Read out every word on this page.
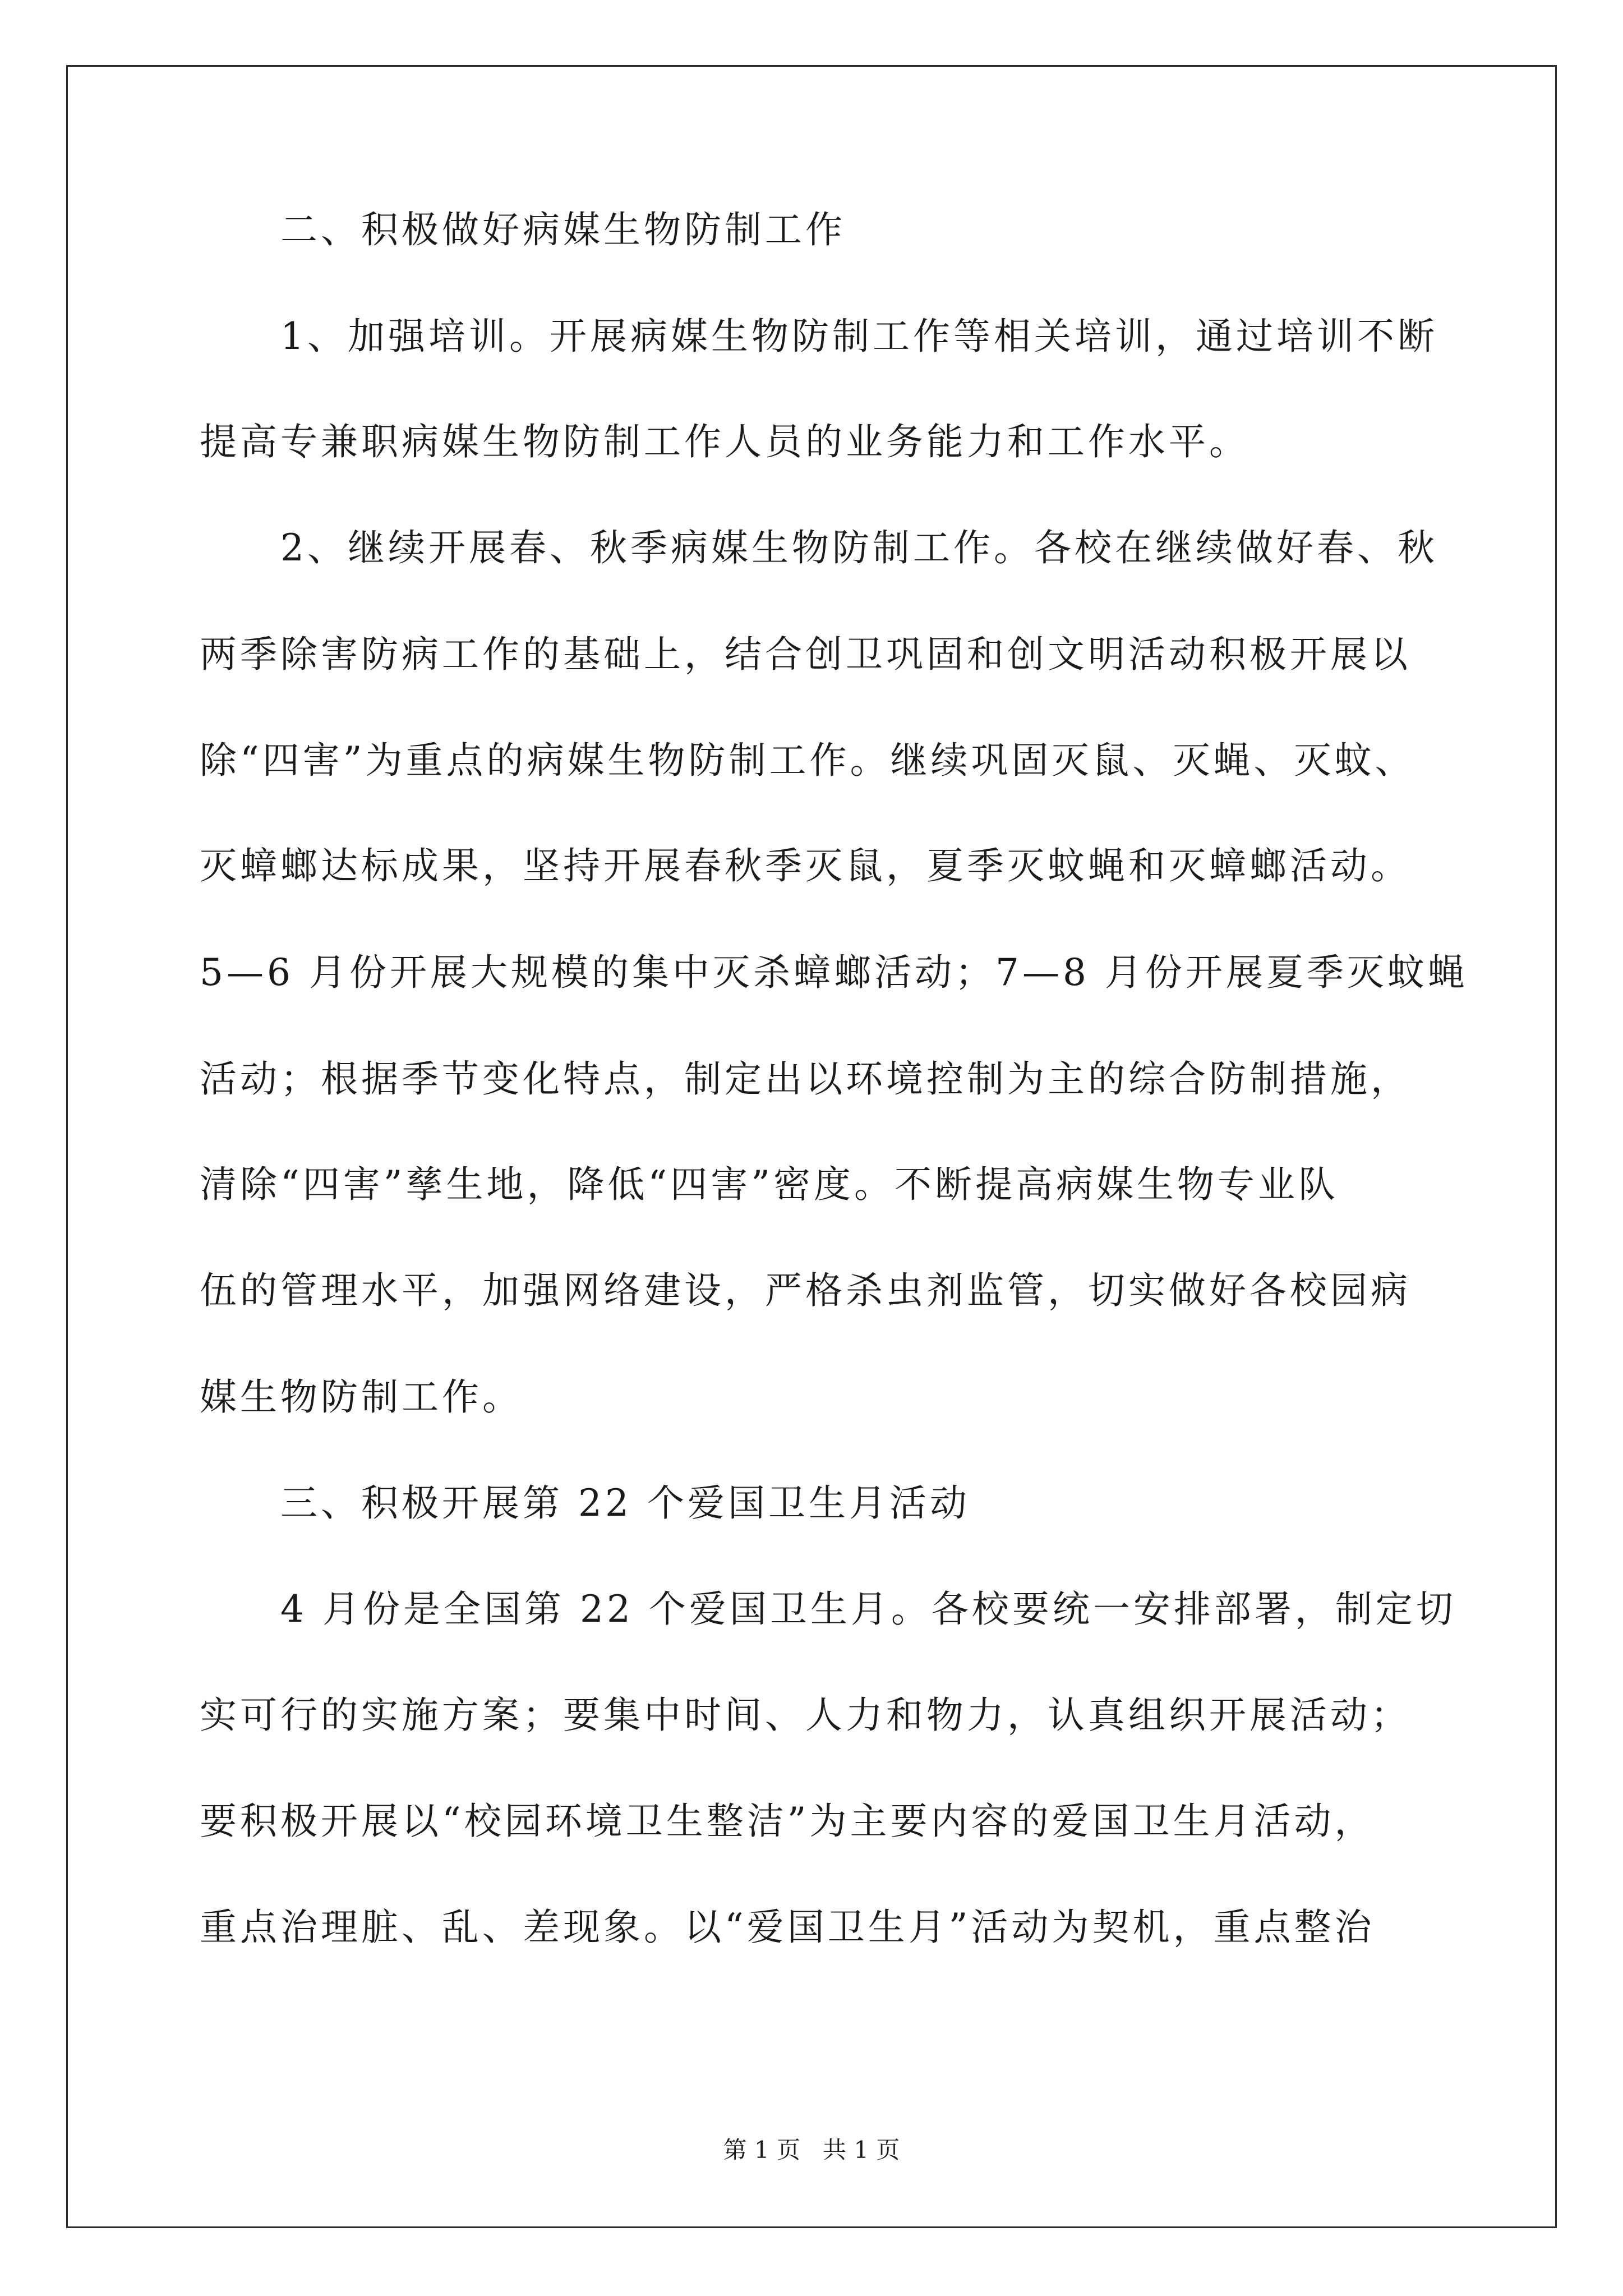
二、积极做好病媒生物防制工作
1、加强培训。开展病媒生物防制工作等相关培训，通过培训不断
提高专兼职病媒生物防制工作人员的业务能力和工作水平。
2、继续开展春、秋季病媒生物防制工作。各校在继续做好春、秋
两季除害防病工作的基础上，结合创卫巩固和创文明活动积极开展以
除“四害”为重点的病媒生物防制工作。继续巩固灭鼠、灭蝇、灭蚊、
灭蟑螂达标成果，坚持开展春秋季灭鼠，夏季灭蚊蝇和灭蟑螂活动。
5—6 月份开展大规模的集中灭杀蟑螂活动；7—8 月份开展夏季灭蚊蝇
活动；根据季节变化特点，制定出以环境控制为主的综合防制措施，
清除“四害”孳生地，降低“四害”密度。不断提高病媒生物专业队
伍的管理水平，加强网络建设，严格杀虫剂监管，切实做好各校园病
媒生物防制工作。
三、积极开展第 22 个爱国卫生月活动
4 月份是全国第 22 个爱国卫生月。各校要统一安排部署，制定切
实可行的实施方案；要集中时间、人力和物力，认真组织开展活动；
要积极开展以“校园环境卫生整洁”为主要内容的爱国卫生月活动，
重点治理脏、乱、差现象。以“爱国卫生月”活动为契机，重点整治
第 1 页 共 1 页
